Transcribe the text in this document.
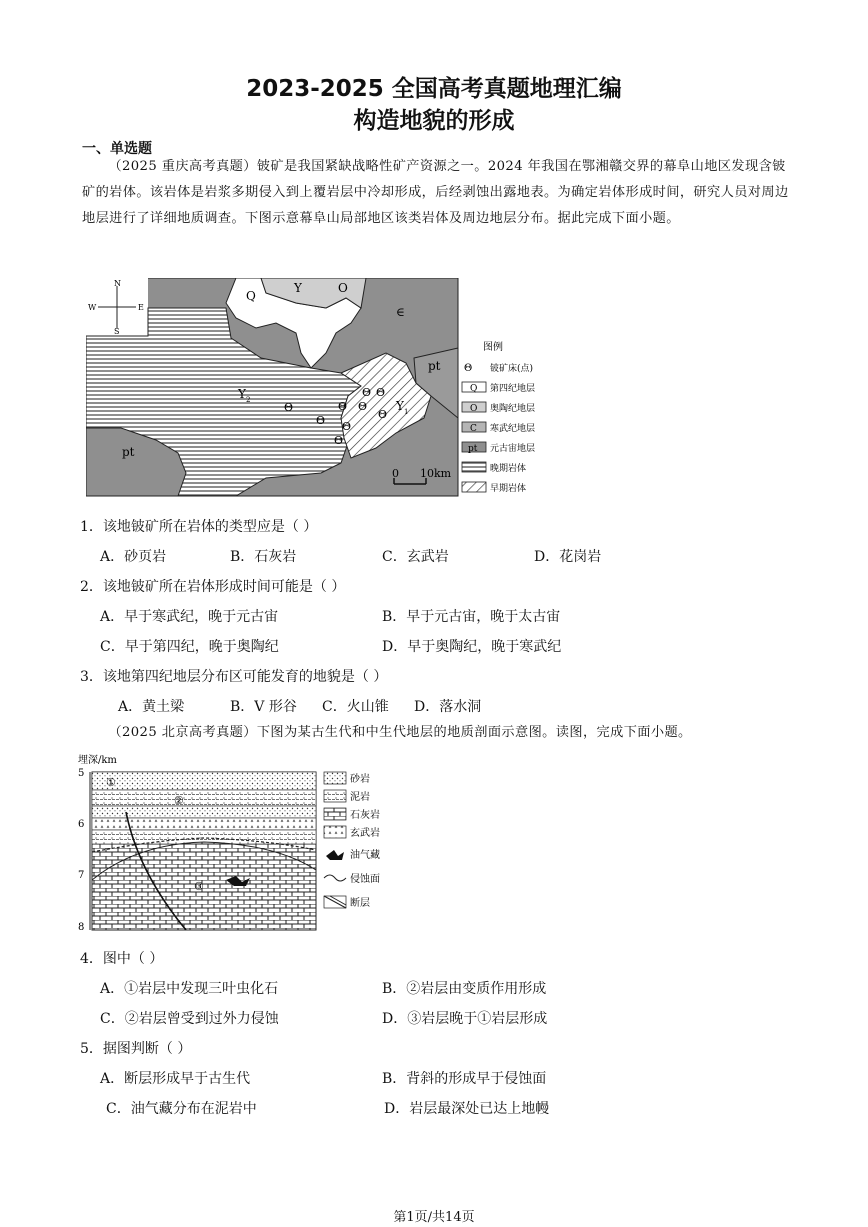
2023-2025 全国高考真题地理汇编
构造地貌的形成
一、单选题
（2025 重庆高考真题）铍矿是我国紧缺战略性矿产资源之一。2024 年我国在鄂湘赣交界的幕阜山地区发现含铍矿的岩体。该岩体是岩浆多期侵入到上覆岩层中冷却形成，后经剥蚀出露地表。为确定岩体形成时间，研究人员对周边地层进行了详细地质调查。下图示意幕阜山局部地区该类岩体及周边地层分布。据此完成下面小题。
N
S
W	E
Q
Y	O
∈
pt
pt
Y 2	Y 1
Θ
Θ
Θ Θ
Θ Θ
Θ
Θ
Θ
0 10km
图例
Θ 铍矿床(点)
Q 第四纪地层
O 奥陶纪地层
C 寒武纪地层
pt 元古宙地层
晚期岩体
早期岩体
1．该地铍矿所在岩体的类型应是（ ）
A．砂页岩	B．石灰岩	C．玄武岩	D．花岗岩
2．该地铍矿所在岩体形成时间可能是（ ）
A．早于寒武纪，晚于元古宙	B．早于元古宙，晚于太古宙
C．早于第四纪，晚于奥陶纪	D．早于奥陶纪，晚于寒武纪
3．该地第四纪地层分布区可能发育的地貌是（ ）
A．黄土梁	B．V 形谷 C．火山锥 D．落水洞
（2025 北京高考真题）下图为某古生代和中生代地层的地质剖面示意图。读图，完成下面小题。
埋深/km
5
6
7
8
①
②
③
砂岩
泥岩
石灰岩
玄武岩
油气藏
侵蚀面
断层
4．图中（ ）
A．①岩层中发现三叶虫化石	B．②岩层由变质作用形成
C．②岩层曾受到过外力侵蚀	D．③岩层晚于①岩层形成
5．据图判断（ ）
A．断层形成早于古生代	B．背斜的形成早于侵蚀面
C．油气藏分布在泥岩中	D．岩层最深处已达上地幔
第1页/共14页
